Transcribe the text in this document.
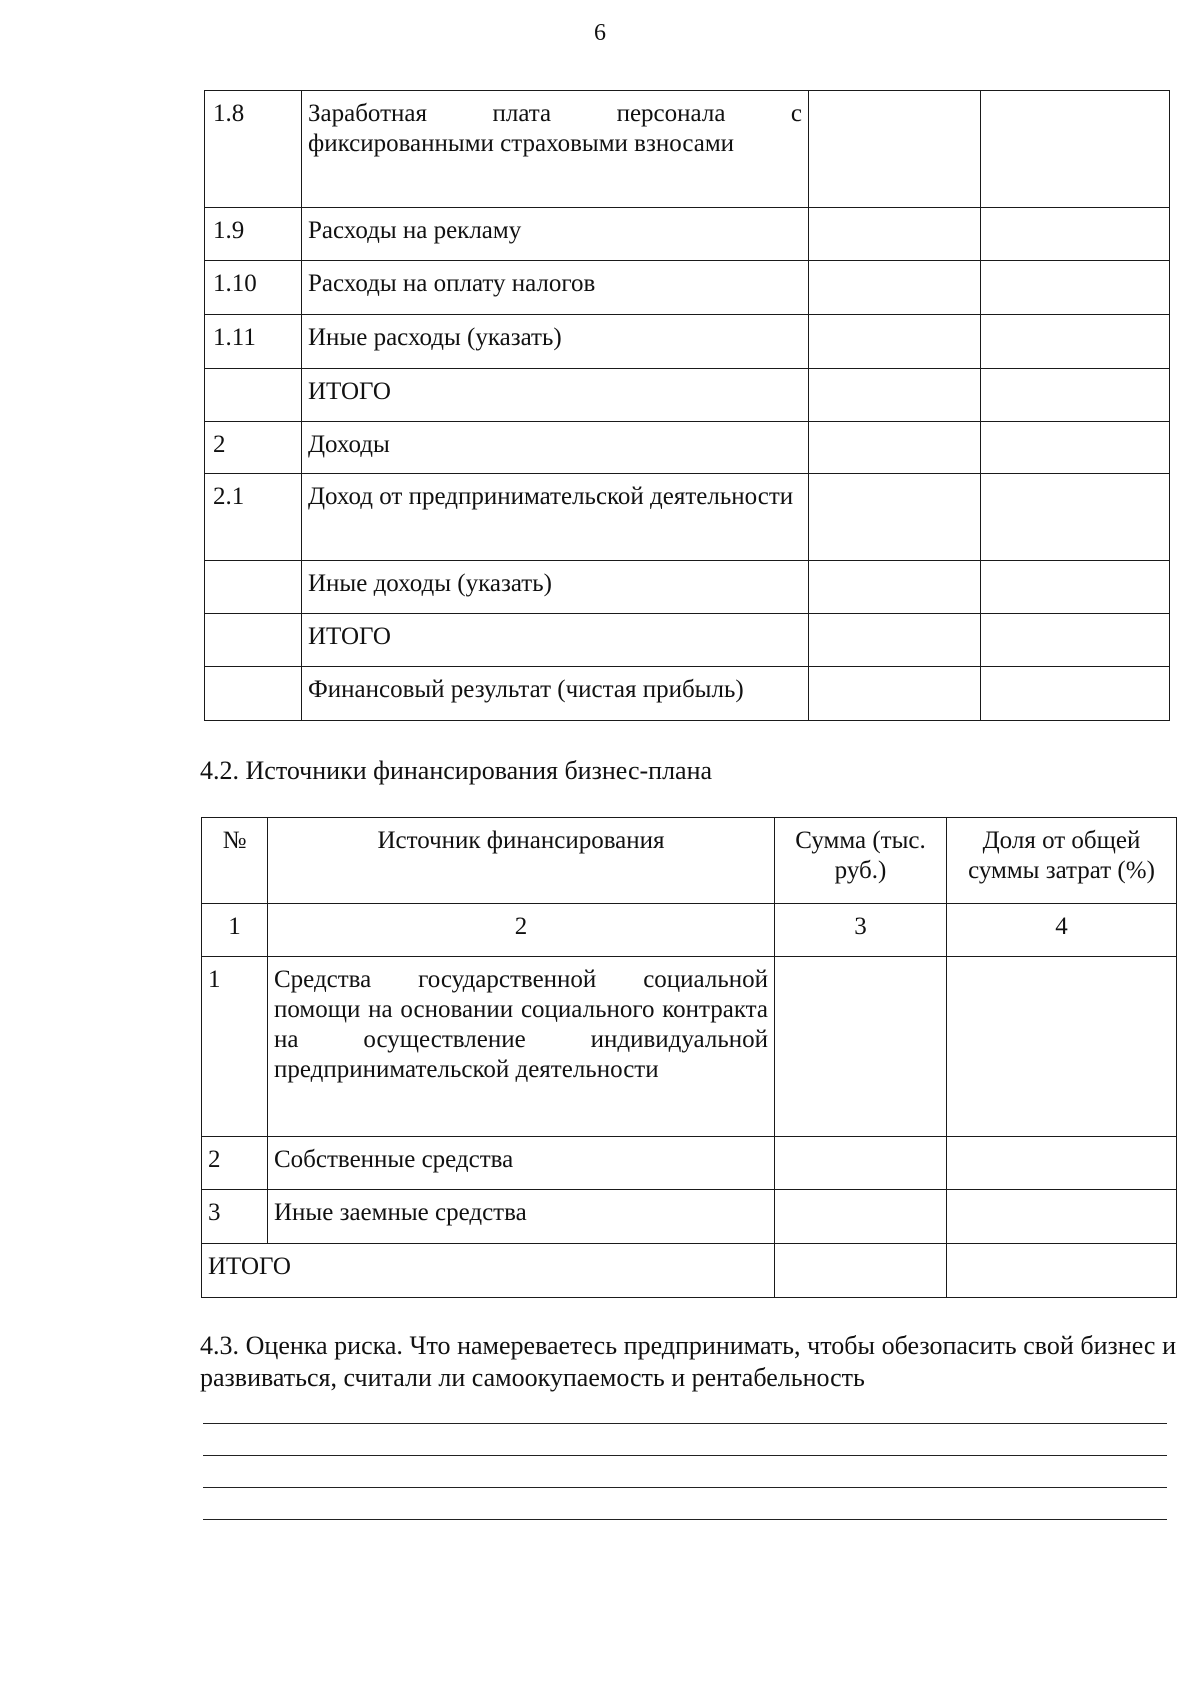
6
1.8	Заработная плата персонала с фиксированными страховыми взносами		
1.9	Расходы на рекламу		
1.10	Расходы на оплату налогов		
1.11	Иные расходы (указать)		
	ИТОГО		
2	Доходы		
2.1	Доход от предпринимательской деятельности		
	Иные доходы (указать)		
	ИТОГО		
	Финансовый результат (чистая прибыль)		
4.2. Источники финансирования бизнес-плана
№	Источник финансирования	Сумма (тыс. руб.)	Доля от общей суммы затрат (%)
1	2	3	4
1	Средства государственной социальной помощи на основании социального контракта на осуществление индивидуальной предпринимательской деятельности		
2	Собственные средства		
3	Иные заемные средства		
ИТОГО			
4.3. Оценка риска. Что намереваетесь предпринимать, чтобы обезопасить свой бизнес и развиваться, считали ли самоокупаемость и рентабельность
